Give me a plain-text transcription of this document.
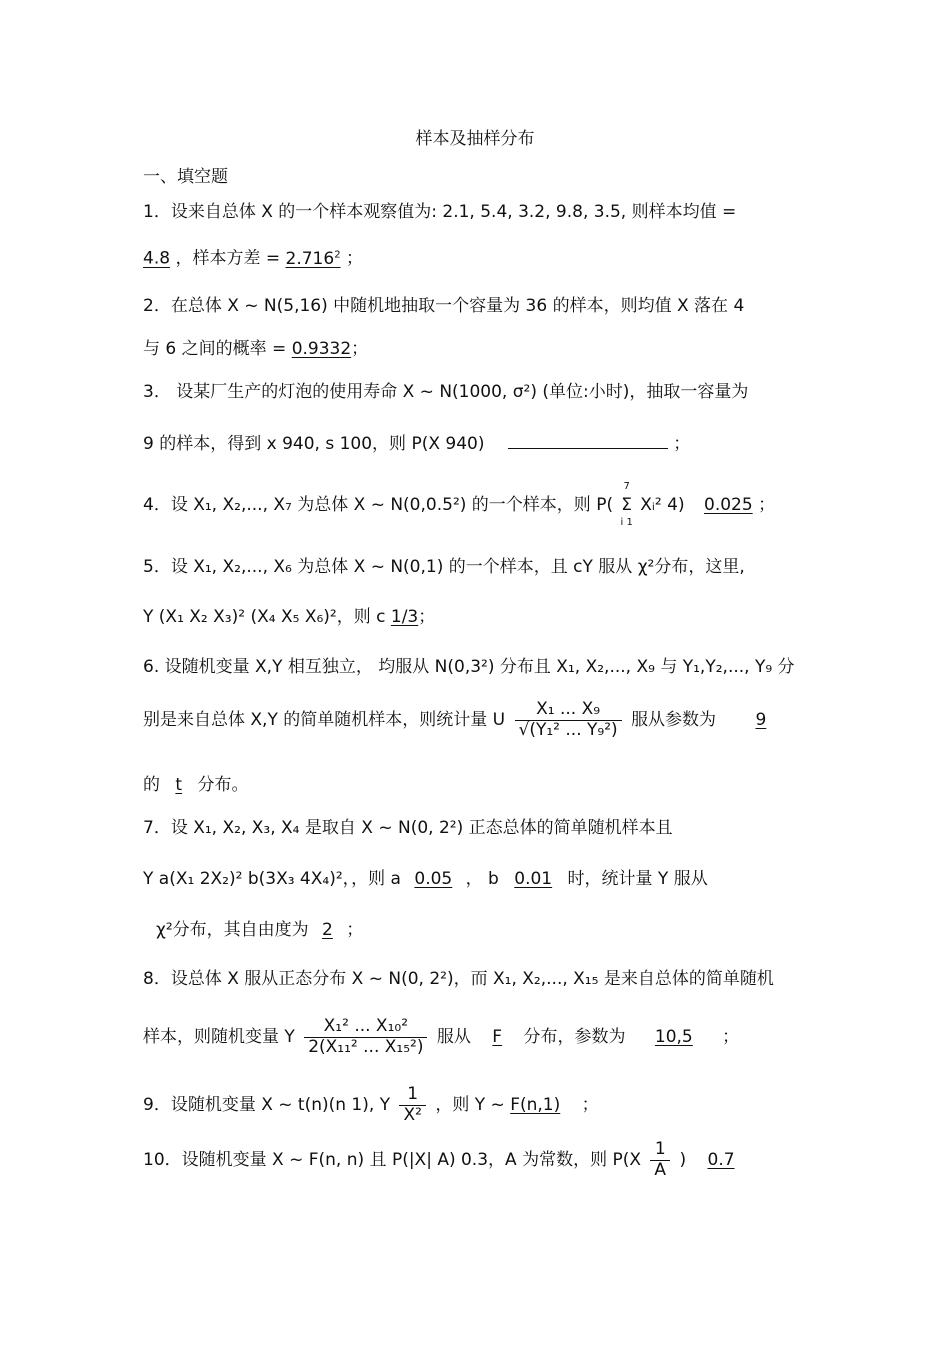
样本及抽样分布
一、填空题
1．设来自总体 X 的一个样本观察值为: 2.1, 5.4, 3.2, 9.8, 3.5, 则样本均值 =
4.8 ，样本方差 = $2.716^2$ ；
2．在总体 X ~ N(5,16) 中随机地抽取一个容量为 36 的样本，则均值 X 落在 4
与 6 之间的概率 = 0.9332；
3． 设某厂生产的灯泡的使用寿命 X ~ N(1000, σ²) (单位:小时)，抽取一容量为
9 的样本，得到 x 940, s 100，则 P(X 940)	；
4．设 X₁, X₂,..., X₇ 为总体 X ~ N(0,0.5²) 的一个样本，则 P( 7
Σ
i 1 Xᵢ² 4) 0.025 ；
5．设 X₁, X₂,..., X₆ 为总体 X ~ N(0,1) 的一个样本，且 cY 服从 χ²分布，这里,
Y (X₁ X₂ X₃)² (X₄ X₅ X₆)²，则 c 1/3；
6. 设随机变量 X,Y 相互独立， 均服从 N(0,3²) 分布且 X₁, X₂,..., X₉ 与 Y₁,Y₂,..., Y₉ 分
别是来自总体 X,Y 的简单随机样本，则统计量 U $\frac{\text{X₁ ... X₉}}{\text{√(Y₁² ... Y₉²)}}$ 服从参数为 9
的 t 分布。
7．设 X₁, X₂, X₃, X₄ 是取自 X ~ N(0, 2²) 正态总体的简单随机样本且
Y a(X₁ 2X₂)² b(3X₃ 4X₄)²，，则 a 0.05 ， b 0.01 时，统计量 Y 服从
χ²分布，其自由度为 2 ；
8．设总体 X 服从正态分布 X ~ N(0, 2²)，而 X₁, X₂,..., X₁₅ 是来自总体的简单随机
样本，则随机变量 Y $\frac{\text{X₁² ... X₁₀²}}{\text{2(X₁₁² ... X₁₅²)}}$ 服从 F 分布，参数为 10,5 ；
9．设随机变量 X ~ t(n)(n 1), Y $\frac{1}{\text{X²}}$ ，则 Y ~ F(n,1) ；
10．设随机变量 X ~ F(n, n) 且 P(|X| A) 0.3，A 为常数，则 $P(X \frac{1}{A}$ ) 0.7
